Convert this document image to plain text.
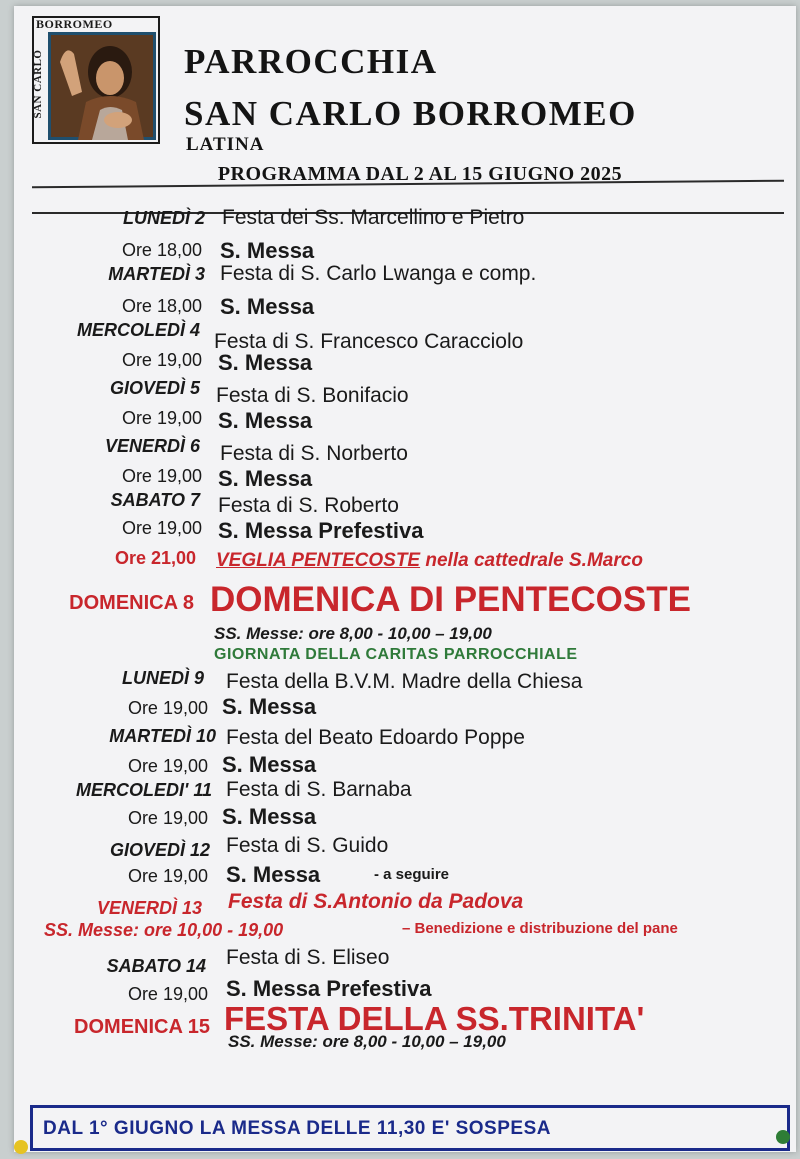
BORROMEO
SAN CARLO	PARROCCHIA
SAN CARLO BORROMEO
LATINA
PROGRAMMA DAL 2 AL 15 GIUGNO 2025
LUNEDÌ 2 Festa dei Ss. Marcellino e Pietro
Ore 18,00 S. Messa
MARTEDÌ 3 Festa di S. Carlo Lwanga e comp.
Ore 18,00 S. Messa
MERCOLEDÌ 4 Festa di S. Francesco Caracciolo
Ore 19,00 S. Messa
GIOVEDÌ 5 Festa di S. Bonifacio
Ore 19,00 S. Messa
VENERDÌ 6 Festa di S. Norberto
Ore 19,00 S. Messa
SABATO 7 Festa di S. Roberto
Ore 19,00 S. Messa Prefestiva
Ore 21,00 VEGLIA PENTECOSTE nella cattedrale S.Marco
DOMENICA 8 DOMENICA DI PENTECOSTE
SS. Messe: ore 8,00 - 10,00 – 19,00
GIORNATA DELLA CARITAS PARROCCHIALE
LUNEDÌ 9 Festa della B.V.M. Madre della Chiesa
Ore 19,00 S. Messa
MARTEDÌ 10 Festa del Beato Edoardo Poppe
Ore 19,00 S. Messa
MERCOLEDI' 11 Festa di S. Barnaba
Ore 19,00 S. Messa
GIOVEDÌ 12 Festa di S. Guido
Ore 19,00 S. Messa	- a seguire
VENERDÌ 13 Festa di S.Antonio da Padova
SS. Messe: ore 10,00 - 19,00	– Benedizione e distribuzione del pane
SABATO 14 Festa di S. Eliseo
Ore 19,00 S. Messa Prefestiva
DOMENICA 15 FESTA DELLA SS.TRINITA'
SS. Messe: ore 8,00 - 10,00 – 19,00
DAL 1° GIUGNO LA MESSA DELLE 11,30 E' SOSPESA
